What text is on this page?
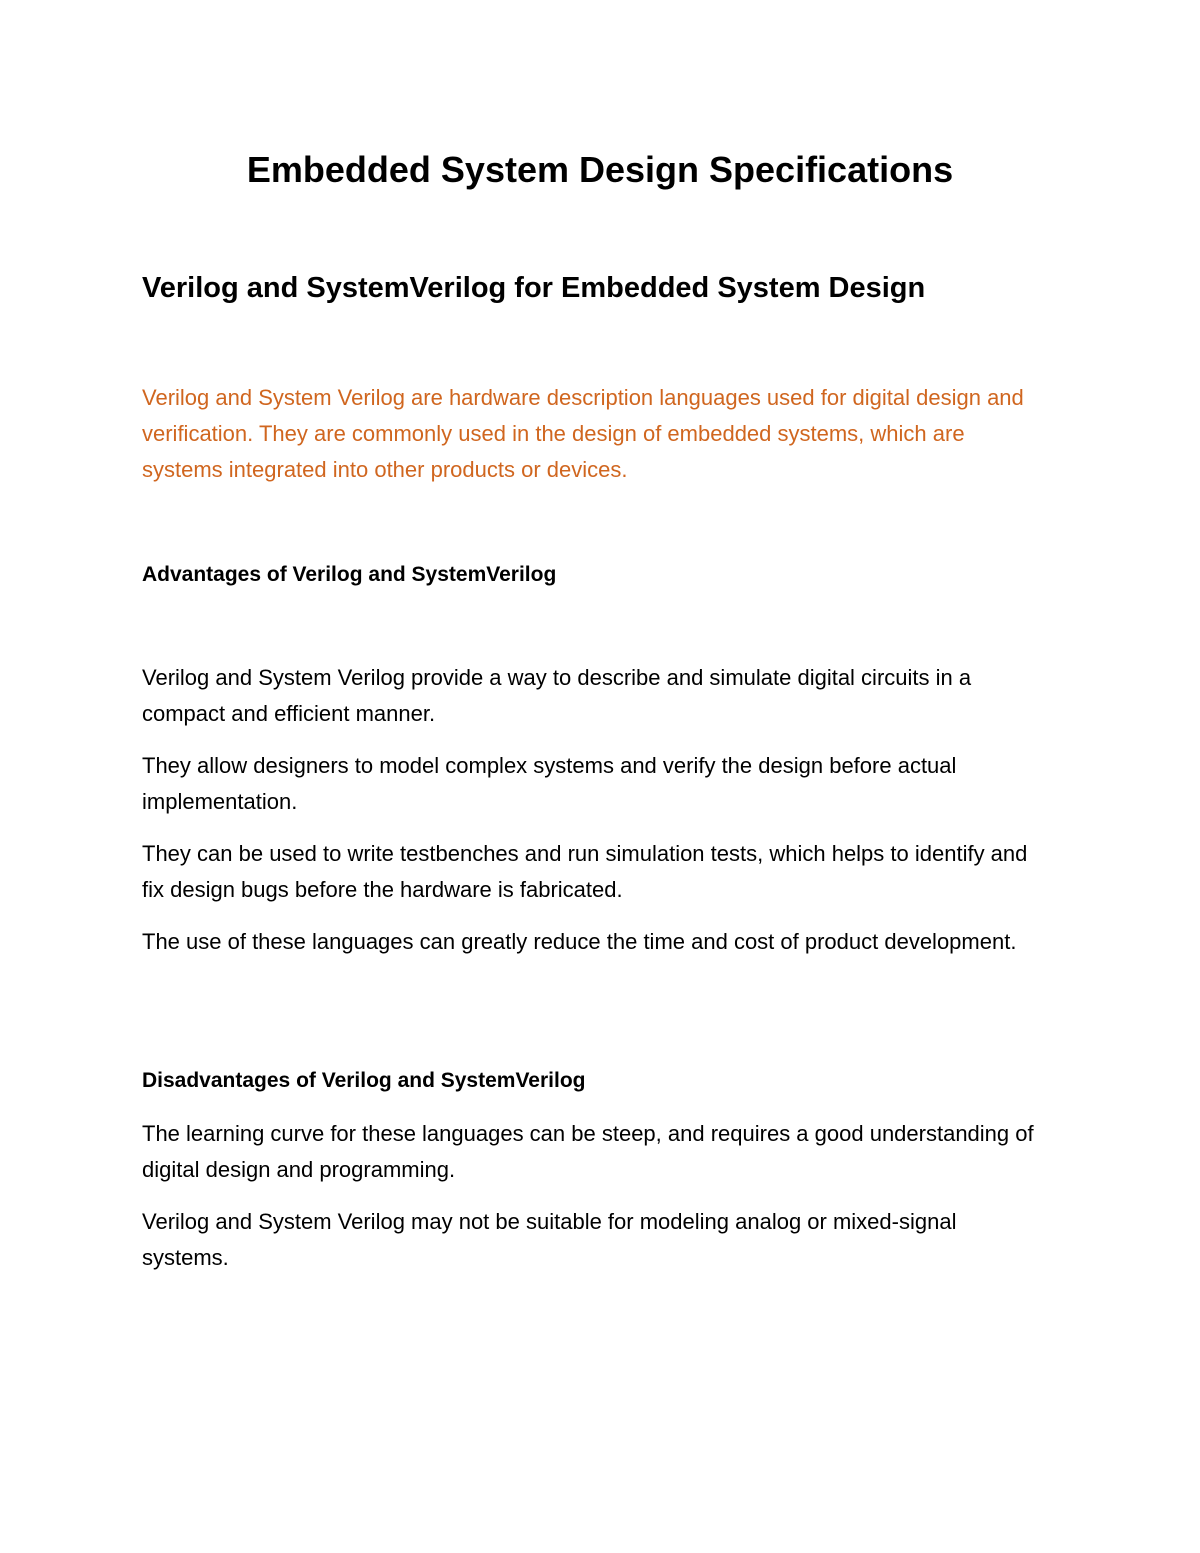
Embedded System Design Specifications
Verilog and SystemVerilog for Embedded System Design

Verilog and System Verilog are hardware description languages used for digital design and verification. They are commonly used in the design of embedded systems, which are systems integrated into other products or devices.

Advantages of Verilog and SystemVerilog

Verilog and System Verilog provide a way to describe and simulate digital circuits in a compact and efficient manner.

They allow designers to model complex systems and verify the design before actual implementation.

They can be used to write testbenches and run simulation tests, which helps to identify and fix design bugs before the hardware is fabricated.

The use of these languages can greatly reduce the time and cost of product development.

Disadvantages of Verilog and SystemVerilog

The learning curve for these languages can be steep, and requires a good understanding of digital design and programming.

Verilog and System Verilog may not be suitable for modeling analog or mixed-signal systems.
